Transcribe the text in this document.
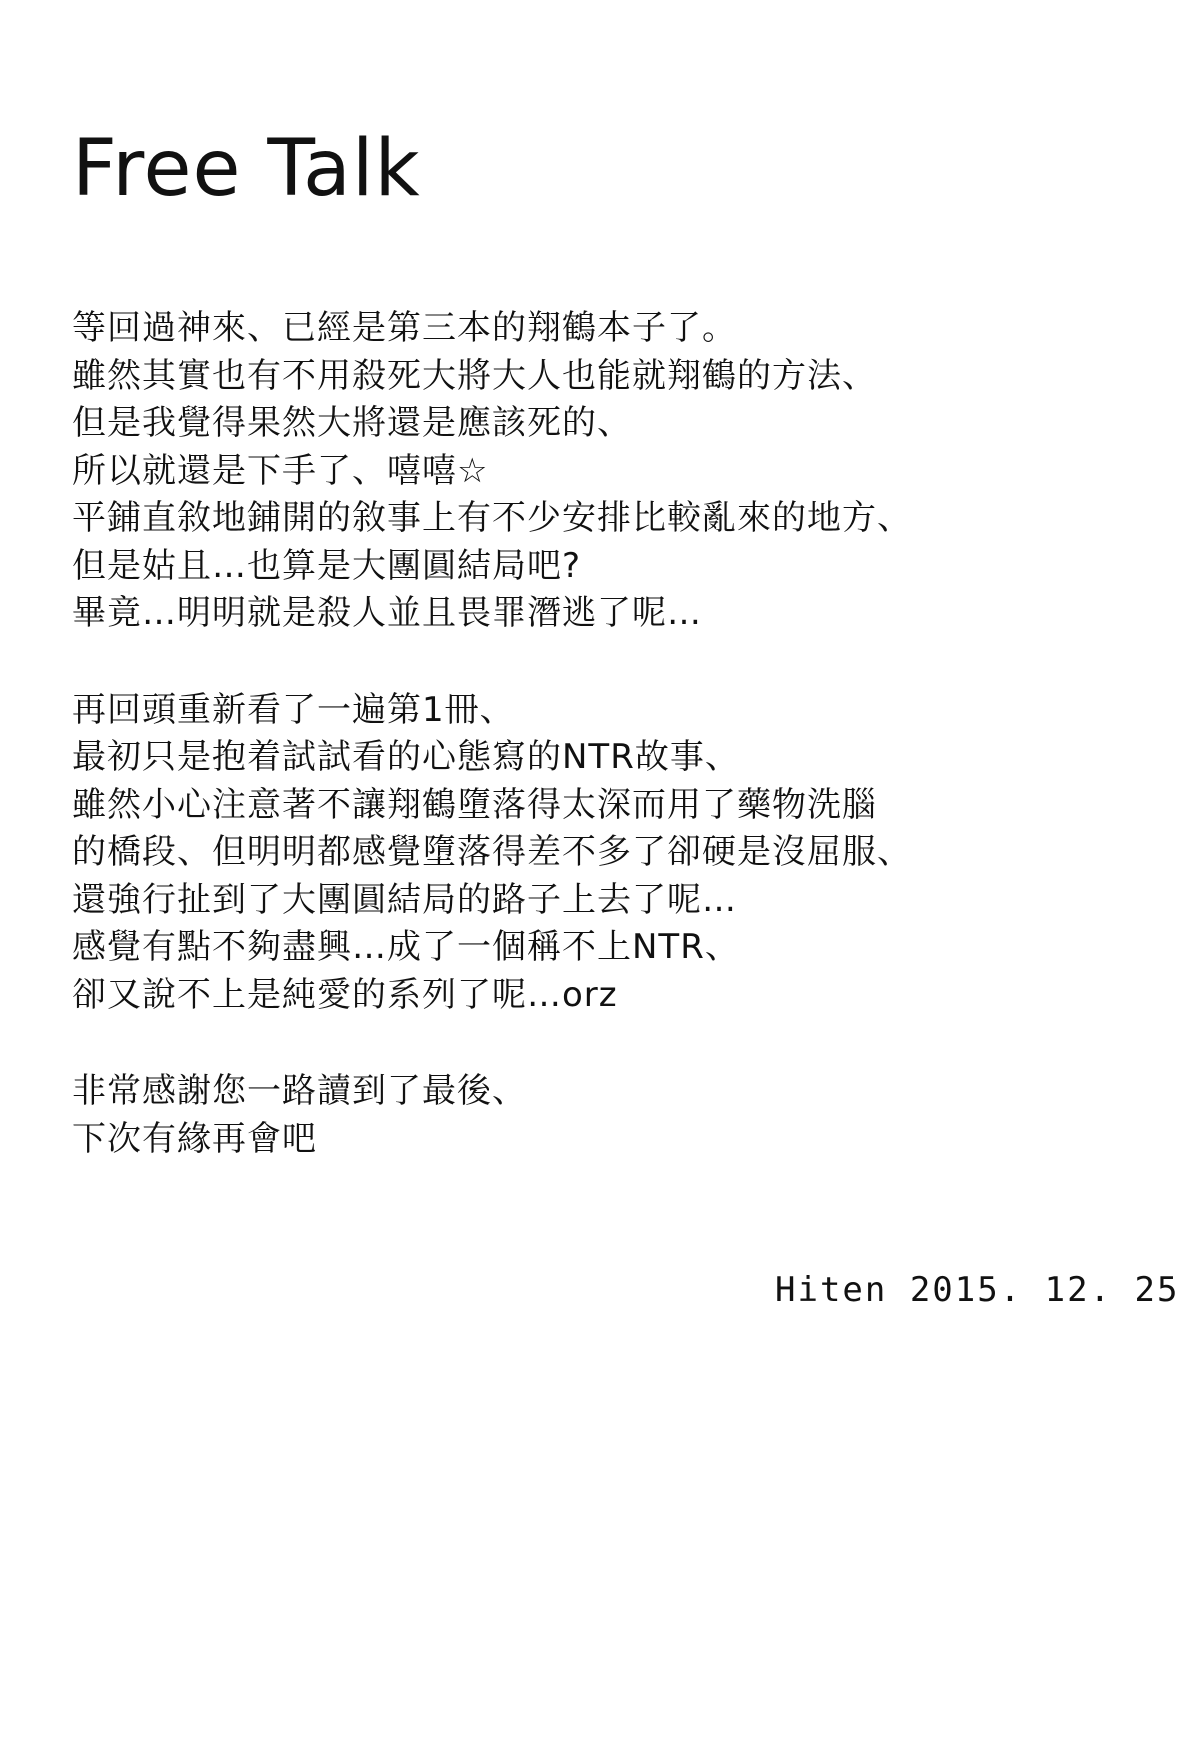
Free Talk
等回過神來、已經是第三本的翔鶴本子了。
雖然其實也有不用殺死大將大人也能就翔鶴的方法、
但是我覺得果然大將還是應該死的、
所以就還是下手了、嘻嘻☆
平鋪直敘地鋪開的敘事上有不少安排比較亂來的地方、
但是姑且…也算是大團圓結局吧?
畢竟…明明就是殺人並且畏罪潛逃了呢…
再回頭重新看了一遍第1冊、
最初只是抱着試試看的心態寫的NTR故事、
雖然小心注意著不讓翔鶴墮落得太深而用了藥物洗腦
的橋段、但明明都感覺墮落得差不多了卻硬是沒屈服、
還強行扯到了大團圓結局的路子上去了呢…
感覺有點不夠盡興…成了一個稱不上NTR、
卻又說不上是純愛的系列了呢…orz
非常感謝您一路讀到了最後、
下次有緣再會吧
Hiten 2015. 12. 25
